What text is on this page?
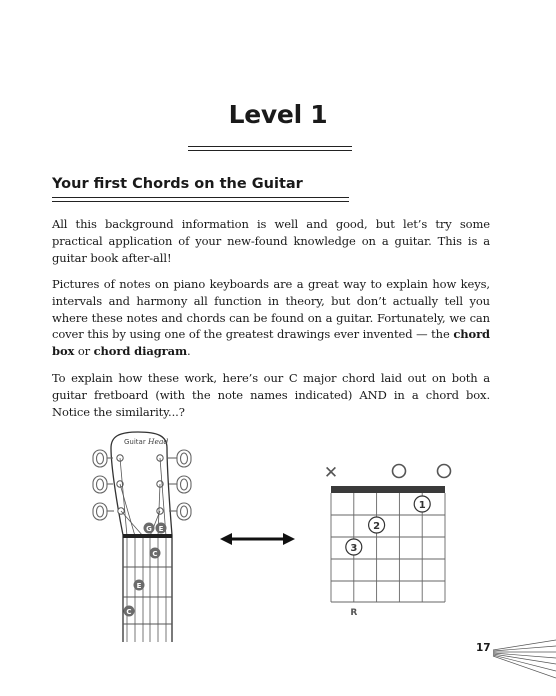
Level 1
Your first Chords on the Guitar

All this background information is well and good, but let’s try some practical application of your new-found knowledge on a guitar. This is a guitar book after-all!

Pictures of notes on piano keyboards are a great way to explain how keys, intervals and harmony all function in theory, but don’t actually tell you where these notes and chords can be found on a guitar. Fortunately, we can cover this by using one of the greatest drawings ever invented — the chord box or chord diagram.

To explain how these work, here’s our C major chord laid out on both a guitar fretboard (with the note names indicated) AND in a chord box. Notice the similarity...?

Guitar Head
G E
C
E
C
✕
1
2
3
R
17
